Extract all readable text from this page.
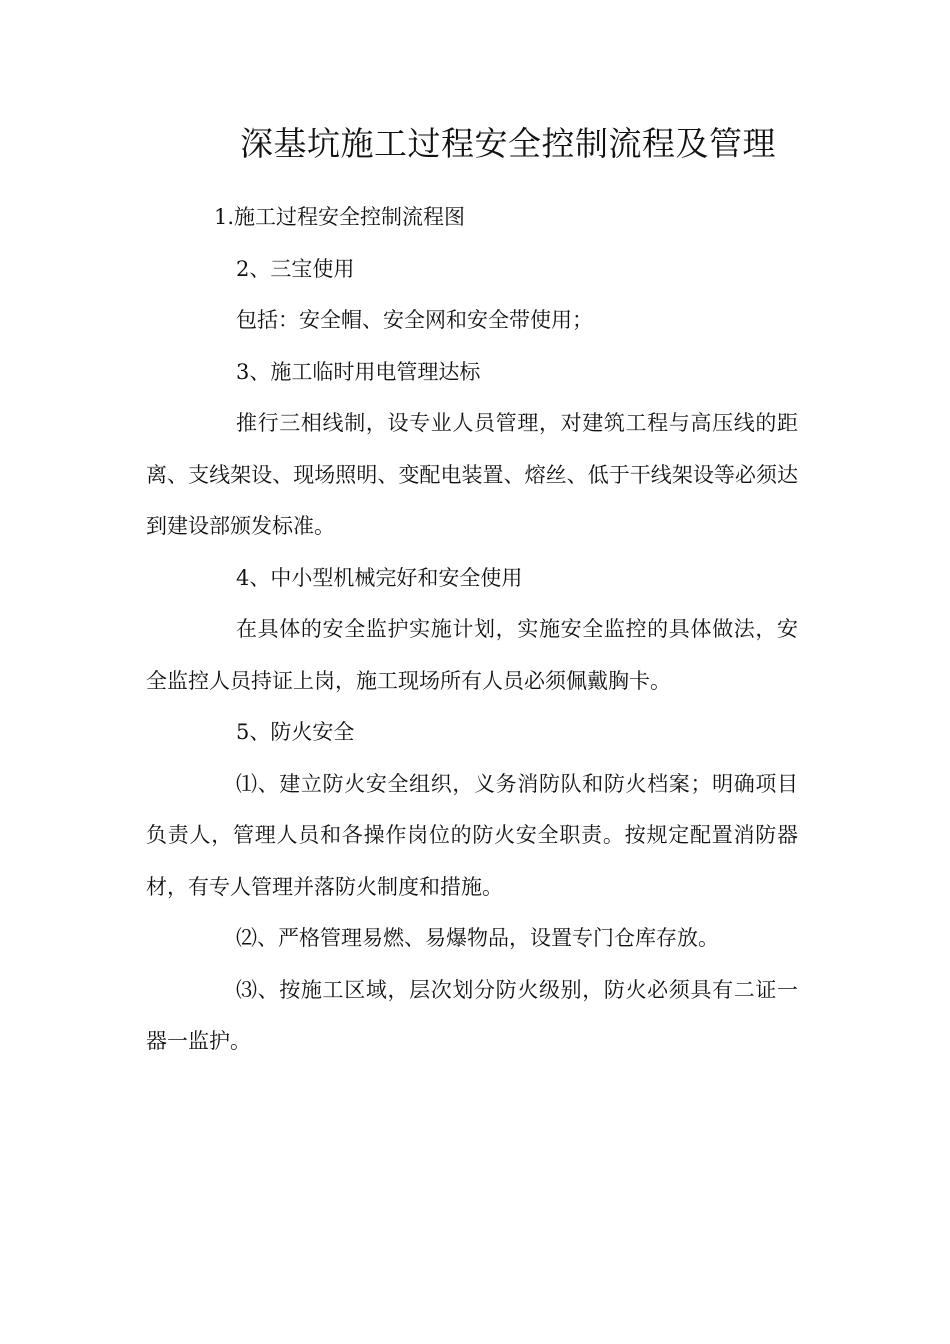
深基坑施工过程安全控制流程及管理

1.施工过程安全控制流程图

2、三宝使用

包括：安全帽、安全网和安全带使用；

3、施工临时用电管理达标

推行三相线制，设专业人员管理，对建筑工程与高压线的距离、支线架设、现场照明、变配电装置、熔丝、低于干线架设等必须达到建设部颁发标准。

4、中小型机械完好和安全使用

在具体的安全监护实施计划，实施安全监控的具体做法，安全监控人员持证上岗，施工现场所有人员必须佩戴胸卡。

5、防火安全

⑴、建立防火安全组织，义务消防队和防火档案；明确项目负责人，管理人员和各操作岗位的防火安全职责。按规定配置消防器材，有专人管理并落防火制度和措施。

⑵、严格管理易燃、易爆物品，设置专门仓库存放。

⑶、按施工区域，层次划分防火级别，防火必须具有二证一器一监护。
